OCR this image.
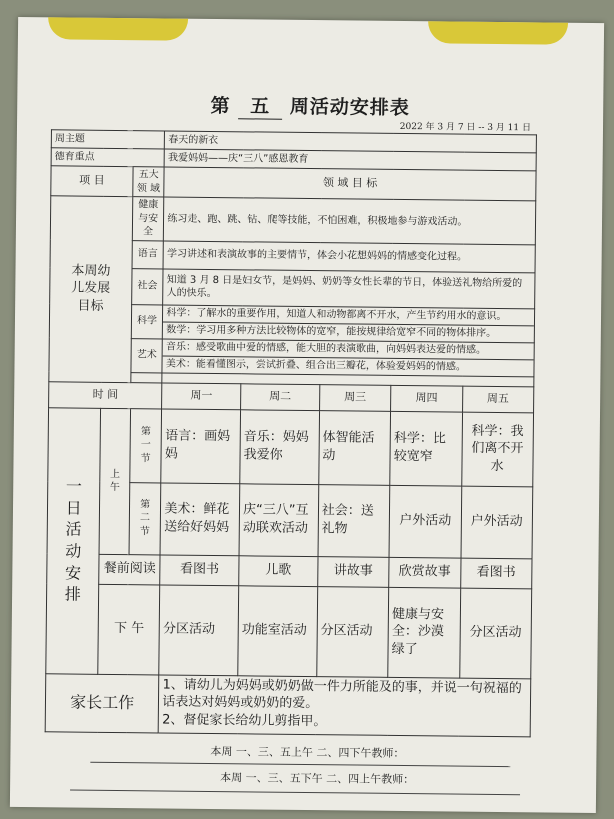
第 五 周活动安排表
2022 年 3 月 7 日 -- 3 月 11 日
周主题			春天的新衣				
德育重点			我爱妈妈——庆“三八”感恩教育				
项 目		五大 领 域	领 域 目 标				

本周幼儿发展目标		健康与安全	练习走、跑、跳、钻、爬等技能，不怕困难，积极地参与游戏活动。				
		语言	学习讲述和表演故事的主要情节，体会小花想妈妈的情感变化过程。				
		社会	知道 3 月 8 日是妇女节，是妈妈、奶奶等女性长辈的节日，体验送礼物给所爱的人的快乐。				
		科学	科学：了解水的重要作用，知道人和动物都离不开水，产生节约用水的意识。
数学：学习用多种方法比较物体的宽窄，能按规律给宽窄不同的物体排序。				

		艺术	音乐：感受歌曲中爱的情感，能大胆的表演歌曲，向妈妈表达爱的情感。
美术：能看懂图示，尝试折叠、组合出三瓣花，体验爱妈妈的情感。				

时 间			周一	周二	周三	周四	周五

一日活动安排	上午	第一节	语言：画妈妈	音乐：妈妈我爱你	体智能活动	科学：比较宽窄	科学：我们离不开水

		第二节	美术：鲜花送给好妈妈	庆“三八”互动联欢活动	社会：送礼物	户外活动	户外活动
	餐前阅读		看图书	儿歌	讲故事	欣赏故事	看图书
	下 午		分区活动	功能室活动	分区活动	健康与安全：沙漠绿了	分区活动
家长工作			1、请幼儿为妈妈或奶奶做一件力所能及的事，并说一句祝福的话表达对妈妈或奶奶的爱。
2、督促家长给幼儿剪指甲。				
本周 一、三、五上午 二、四下午教师：
本周 一、三、五下午 二、四上午教师：
